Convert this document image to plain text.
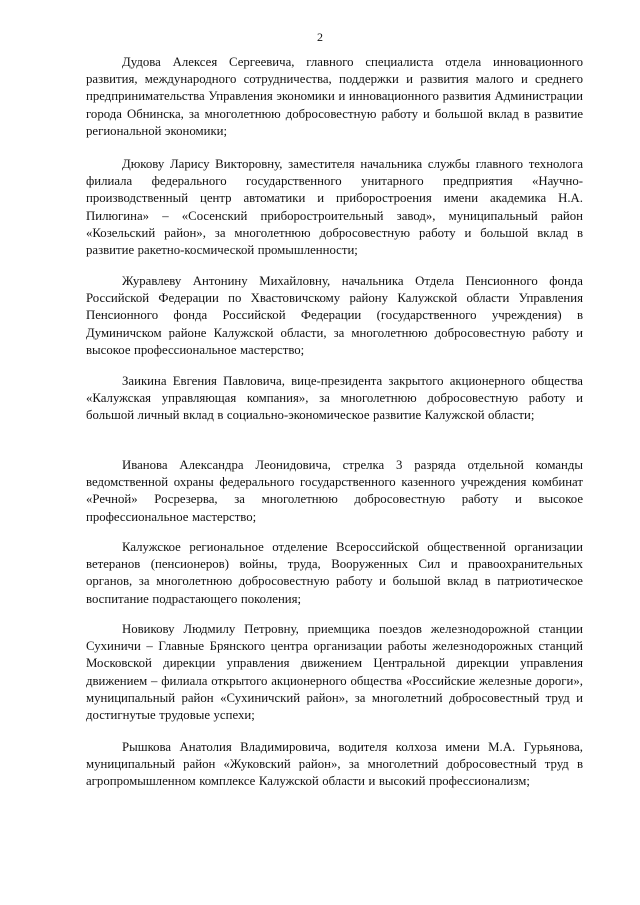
2

Дудова Алексея Сергеевича, главного специалиста отдела инновационного развития, международного сотрудничества, поддержки и развития малого и среднего предпринимательства Управления экономики и инновационного развития Администрации города Обнинска, за многолетнюю добросовестную работу и большой вклад в развитие региональной экономики;

Дюкову Ларису Викторовну, заместителя начальника службы главного технолога филиала федерального государственного унитарного предприятия «Научно-производственный центр автоматики и приборостроения имени академика Н.А. Пилюгина» – «Сосенский приборостроительный завод», муниципальный район «Козельский район», за многолетнюю добросовестную работу и большой вклад в развитие ракетно-космической промышленности;

Журавлеву Антонину Михайловну, начальника Отдела Пенсионного фонда Российской Федерации по Хвастовичскому району Калужской области Управления Пенсионного фонда Российской Федерации (государственного учреждения) в Думиничском районе Калужской области, за многолетнюю добросовестную работу и высокое профессиональное мастерство;

Заикина Евгения Павловича, вице-президента закрытого акционерного общества «Калужская управляющая компания», за многолетнюю добросовестную работу и большой личный вклад в социально-экономическое развитие Калужской области;

Иванова Александра Леонидовича, стрелка 3 разряда отдельной команды ведомственной охраны федерального государственного казенного учреждения комбинат «Речной» Росрезерва, за многолетнюю добросовестную работу и высокое профессиональное мастерство;

Калужское региональное отделение Всероссийской общественной организации ветеранов (пенсионеров) войны, труда, Вооруженных Сил и правоохранительных органов, за многолетнюю добросовестную работу и большой вклад в патриотическое воспитание подрастающего поколения;

Новикову Людмилу Петровну, приемщика поездов железнодорожной станции Сухиничи – Главные Брянского центра организации работы железнодорожных станций Московской дирекции управления движением Центральной дирекции управления движением – филиала открытого акционерного общества «Российские железные дороги», муниципальный район «Сухиничский район», за многолетний добросовестный труд и достигнутые трудовые успехи;

Рышкова Анатолия Владимировича, водителя колхоза имени М.А. Гурьянова, муниципальный район «Жуковский район», за многолетний добросовестный труд в агропромышленном комплексе Калужской области и высокий профессионализм;
